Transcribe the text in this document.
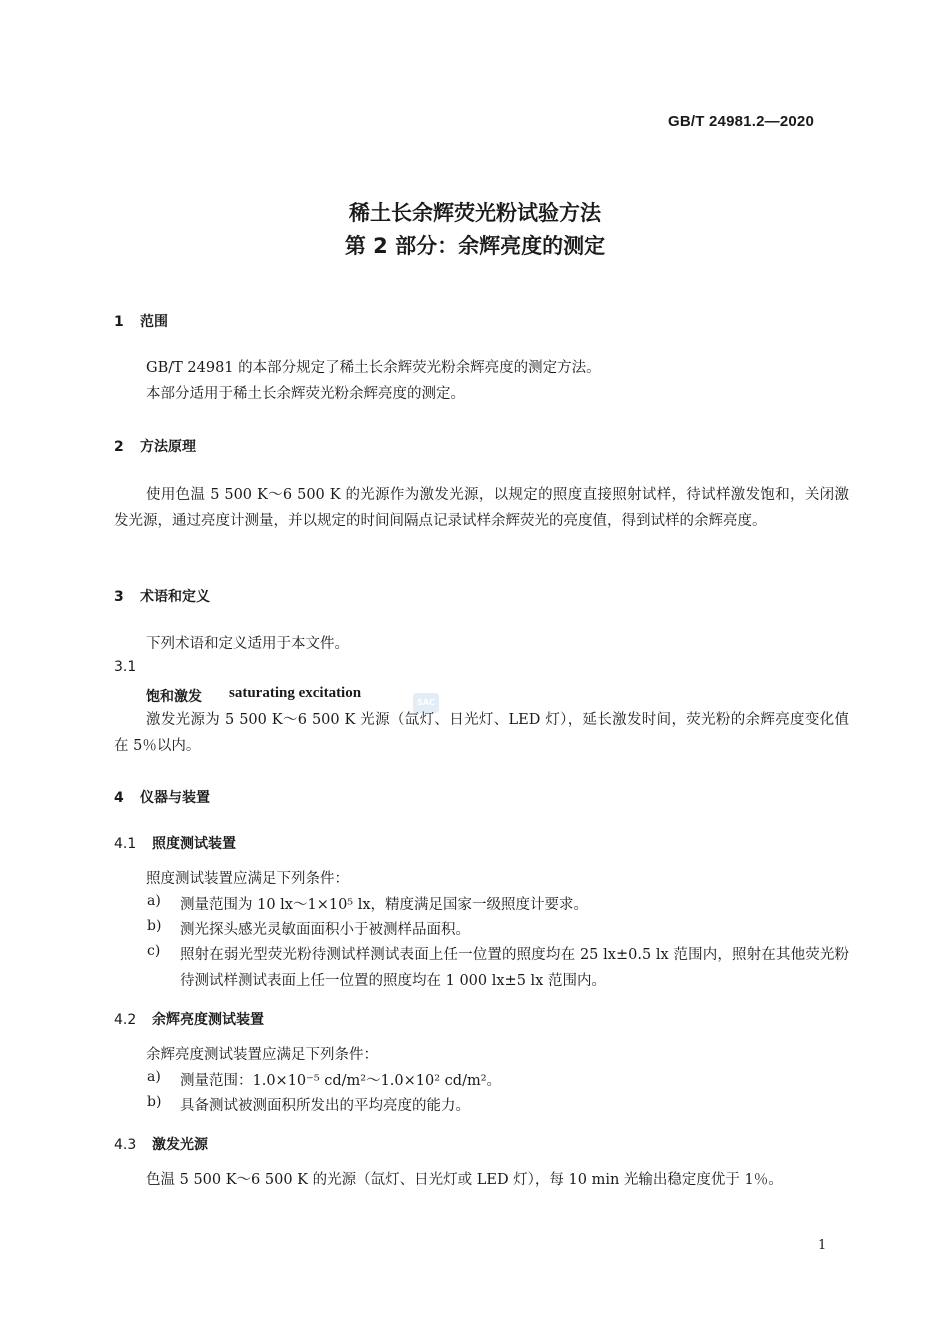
GB/T 24981.2—2020
稀土长余辉荧光粉试验方法
第 2 部分：余辉亮度的测定
1 范围
GB/T 24981 的本部分规定了稀土长余辉荧光粉余辉亮度的测定方法。
本部分适用于稀土长余辉荧光粉余辉亮度的测定。
2 方法原理
使用色温 5 500 K～6 500 K 的光源作为激发光源，以规定的照度直接照射试样，待试样激发饱和，关闭激发光源，通过亮度计测量，并以规定的时间间隔点记录试样余辉荧光的亮度值，得到试样的余辉亮度。
3 术语和定义
下列术语和定义适用于本文件。
3.1
饱和激发 saturating excitation
SAC
激发光源为 5 500 K～6 500 K 光源（氙灯、日光灯、LED 灯），延长激发时间，荧光粉的余辉亮度变化值在 5％以内。
4 仪器与装置
4.1 照度测试装置
照度测试装置应满足下列条件：
a) 测量范围为 10 lx～1×10⁵ lx，精度满足国家一级照度计要求。
b) 测光探头感光灵敏面面积小于被测样品面积。
c) 照射在弱光型荧光粉待测试样测试表面上任一位置的照度均在 25 lx±0.5 lx 范围内，照射在其他荧光粉待测试样测试表面上任一位置的照度均在 1 000 lx±5 lx 范围内。
4.2 余辉亮度测试装置
余辉亮度测试装置应满足下列条件：
a) 测量范围：1.0×10⁻⁵ cd/m²～1.0×10² cd/m²。
b) 具备测试被测面积所发出的平均亮度的能力。
4.3 激发光源
色温 5 500 K～6 500 K 的光源（氙灯、日光灯或 LED 灯），每 10 min 光输出稳定度优于 1％。
1
